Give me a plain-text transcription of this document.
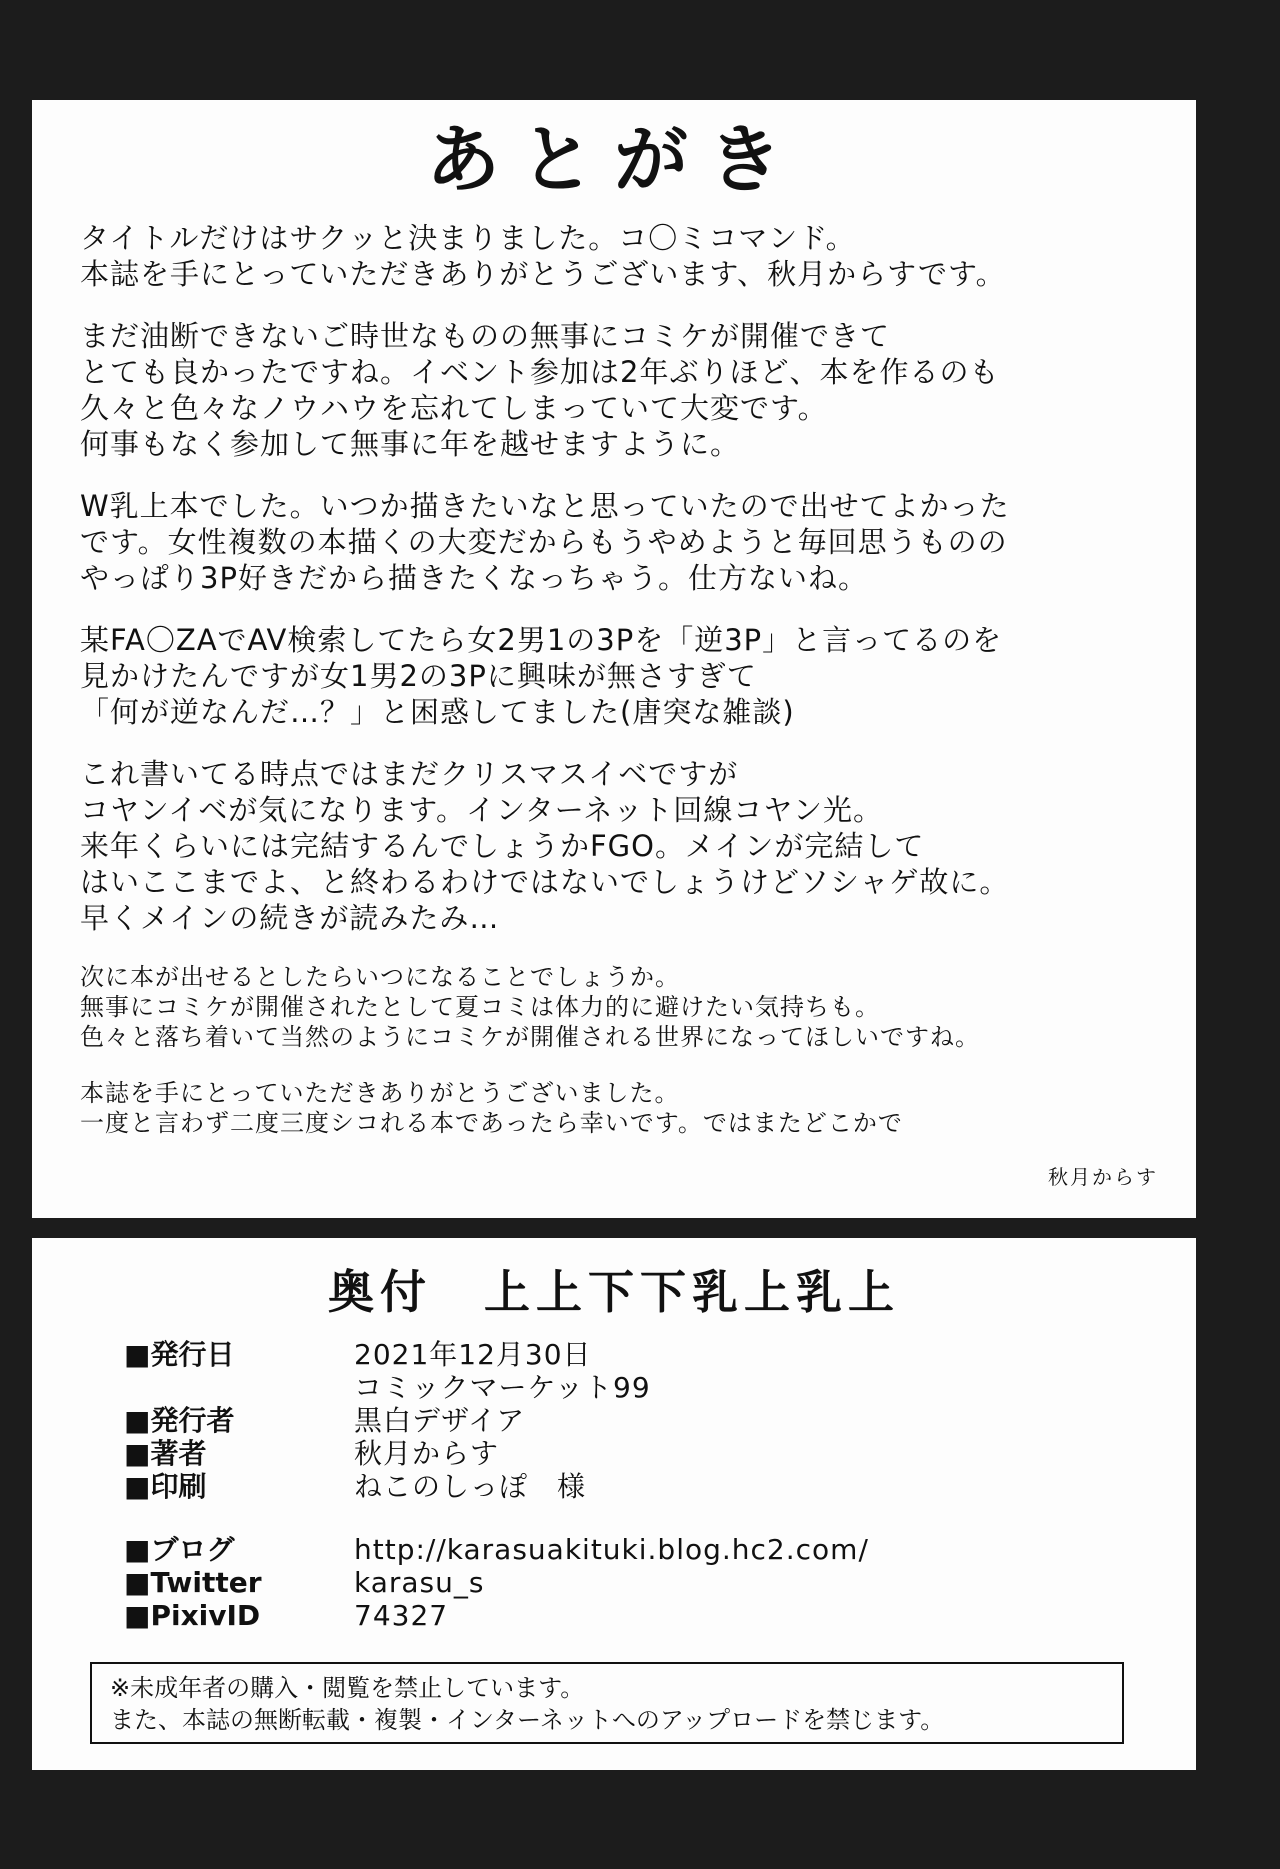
あとがき
タイトルだけはサクッと決まりました。コ〇ミコマンド。
本誌を手にとっていただきありがとうございます、秋月からすです。
まだ油断できないご時世なものの無事にコミケが開催できて
とても良かったですね。イベント参加は2年ぶりほど、本を作るのも
久々と色々なノウハウを忘れてしまっていて大変です。
何事もなく参加して無事に年を越せますように。
W乳上本でした。いつか描きたいなと思っていたので出せてよかった
です。女性複数の本描くの大変だからもうやめようと毎回思うものの
やっぱり3P好きだから描きたくなっちゃう。仕方ないね。
某FA〇ZAでAV検索してたら女2男1の3Pを「逆3P」と言ってるのを
見かけたんですが女1男2の3Pに興味が無さすぎて
「何が逆なんだ…？」と困惑してました(唐突な雑談)
これ書いてる時点ではまだクリスマスイベですが
コヤンイベが気になります。インターネット回線コヤン光。
来年くらいには完結するんでしょうかFGO。メインが完結して
はいここまでよ、と終わるわけではないでしょうけどソシャゲ故に。
早くメインの続きが読みたみ…
次に本が出せるとしたらいつになることでしょうか。
無事にコミケが開催されたとして夏コミは体力的に避けたい気持ちも。
色々と落ち着いて当然のようにコミケが開催される世界になってほしいですね。
本誌を手にとっていただきありがとうございました。
一度と言わず二度三度シコれる本であったら幸いです。ではまたどこかで
秋月からす
奥付　上上下下乳上乳上
■ 発行日	2021年12月30日
コミックマーケット99
■ 発行者	黒白デザイア
■ 著者	秋月からす
■ 印刷	ねこのしっぽ　様
■ ブログ	http://karasuakituki.blog.hc2.com/
■ Twitter	karasu_s
■ PixivID	74327
※未成年者の購入・閲覧を禁止しています。
また、本誌の無断転載・複製・インターネットへのアップロードを禁じます。
